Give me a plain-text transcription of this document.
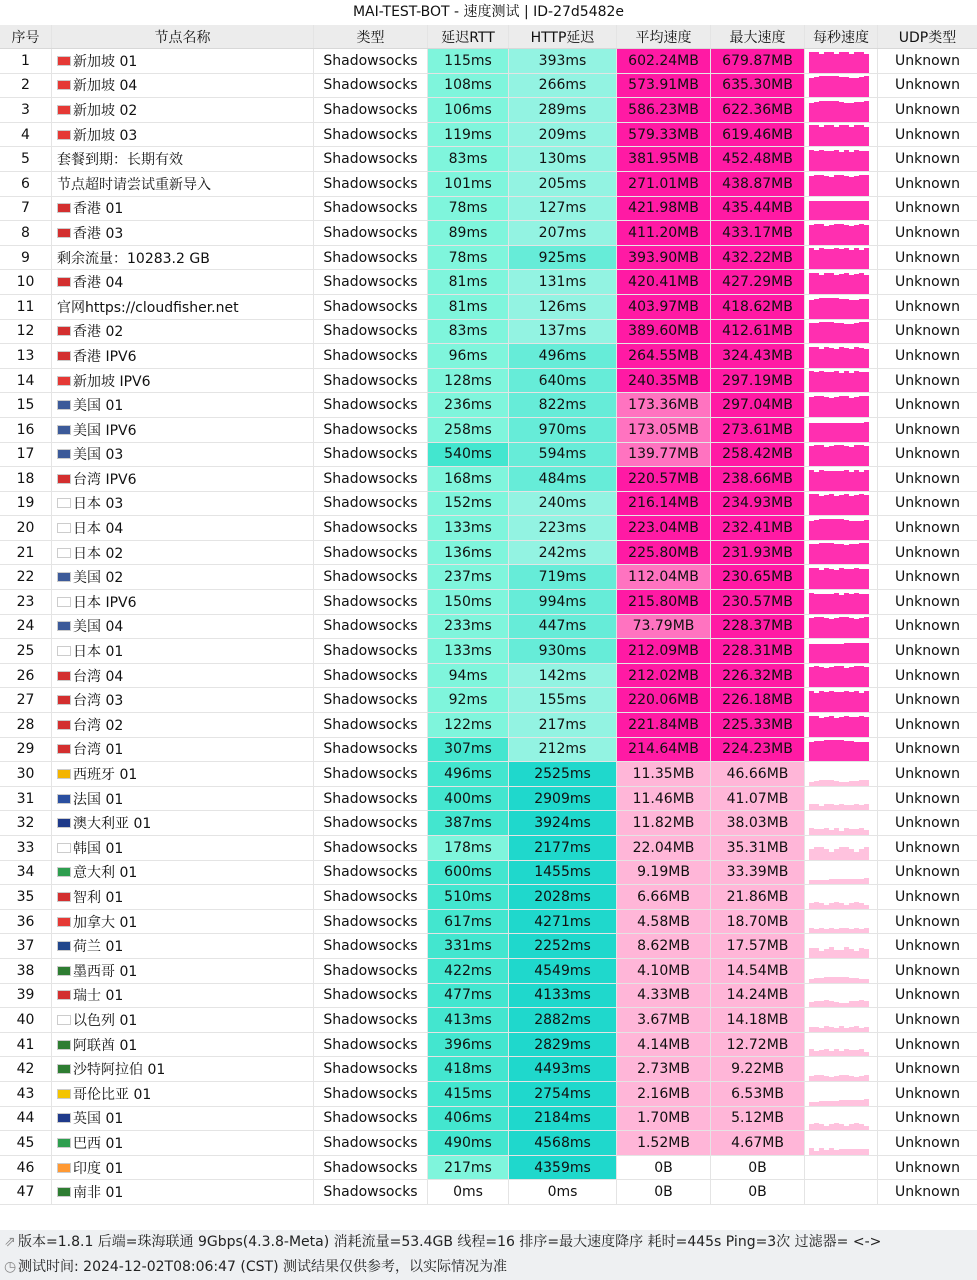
MAI-TEST-BOT - 速度测试 | ID-27d5482e
序号	节点名称	类型	延迟RTT	HTTP延迟	平均速度	最大速度	每秒速度	UDP类型
1	新加坡 01	Shadowsocks	115ms	393ms	602.24MB	679.87MB	Unknown
2	新加坡 04	Shadowsocks	108ms	266ms	573.91MB	635.30MB	Unknown
3	新加坡 02	Shadowsocks	106ms	289ms	586.23MB	622.36MB	Unknown
4	新加坡 03	Shadowsocks	119ms	209ms	579.33MB	619.46MB	Unknown
5	套餐到期：长期有效	Shadowsocks	83ms	130ms	381.95MB	452.48MB	Unknown
6	节点超时请尝试重新导入	Shadowsocks	101ms	205ms	271.01MB	438.87MB	Unknown
7	香港 01	Shadowsocks	78ms	127ms	421.98MB	435.44MB	Unknown
8	香港 03	Shadowsocks	89ms	207ms	411.20MB	433.17MB	Unknown
9	剩余流量：10283.2 GB	Shadowsocks	78ms	925ms	393.90MB	432.22MB	Unknown
10	香港 04	Shadowsocks	81ms	131ms	420.41MB	427.29MB	Unknown
11	官网https://cloudfisher.net	Shadowsocks	81ms	126ms	403.97MB	418.62MB	Unknown
12	香港 02	Shadowsocks	83ms	137ms	389.60MB	412.61MB	Unknown
13	香港 IPV6	Shadowsocks	96ms	496ms	264.55MB	324.43MB	Unknown
14	新加坡 IPV6	Shadowsocks	128ms	640ms	240.35MB	297.19MB	Unknown
15	美国 01	Shadowsocks	236ms	822ms	173.36MB	297.04MB	Unknown
16	美国 IPV6	Shadowsocks	258ms	970ms	173.05MB	273.61MB	Unknown
17	美国 03	Shadowsocks	540ms	594ms	139.77MB	258.42MB	Unknown
18	台湾 IPV6	Shadowsocks	168ms	484ms	220.57MB	238.66MB	Unknown
19	日本 03	Shadowsocks	152ms	240ms	216.14MB	234.93MB	Unknown
20	日本 04	Shadowsocks	133ms	223ms	223.04MB	232.41MB	Unknown
21	日本 02	Shadowsocks	136ms	242ms	225.80MB	231.93MB	Unknown
22	美国 02	Shadowsocks	237ms	719ms	112.04MB	230.65MB	Unknown
23	日本 IPV6	Shadowsocks	150ms	994ms	215.80MB	230.57MB	Unknown
24	美国 04	Shadowsocks	233ms	447ms	73.79MB	228.37MB	Unknown
25	日本 01	Shadowsocks	133ms	930ms	212.09MB	228.31MB	Unknown
26	台湾 04	Shadowsocks	94ms	142ms	212.02MB	226.32MB	Unknown
27	台湾 03	Shadowsocks	92ms	155ms	220.06MB	226.18MB	Unknown
28	台湾 02	Shadowsocks	122ms	217ms	221.84MB	225.33MB	Unknown
29	台湾 01	Shadowsocks	307ms	212ms	214.64MB	224.23MB	Unknown
30	西班牙 01	Shadowsocks	496ms	2525ms	11.35MB	46.66MB	Unknown
31	法国 01	Shadowsocks	400ms	2909ms	11.46MB	41.07MB	Unknown
32	澳大利亚 01	Shadowsocks	387ms	3924ms	11.82MB	38.03MB	Unknown
33	韩国 01	Shadowsocks	178ms	2177ms	22.04MB	35.31MB	Unknown
34	意大利 01	Shadowsocks	600ms	1455ms	9.19MB	33.39MB	Unknown
35	智利 01	Shadowsocks	510ms	2028ms	6.66MB	21.86MB	Unknown
36	加拿大 01	Shadowsocks	617ms	4271ms	4.58MB	18.70MB	Unknown
37	荷兰 01	Shadowsocks	331ms	2252ms	8.62MB	17.57MB	Unknown
38	墨西哥 01	Shadowsocks	422ms	4549ms	4.10MB	14.54MB	Unknown
39	瑞士 01	Shadowsocks	477ms	4133ms	4.33MB	14.24MB	Unknown
40	以色列 01	Shadowsocks	413ms	2882ms	3.67MB	14.18MB	Unknown
41	阿联酋 01	Shadowsocks	396ms	2829ms	4.14MB	12.72MB	Unknown
42	沙特阿拉伯 01	Shadowsocks	418ms	4493ms	2.73MB	9.22MB	Unknown
43	哥伦比亚 01	Shadowsocks	415ms	2754ms	2.16MB	6.53MB	Unknown
44	英国 01	Shadowsocks	406ms	2184ms	1.70MB	5.12MB	Unknown
45	巴西 01	Shadowsocks	490ms	4568ms	1.52MB	4.67MB	Unknown
46	印度 01	Shadowsocks	217ms	4359ms	0B	0B	Unknown
47	南非 01	Shadowsocks	0ms	0ms	0B	0B	Unknown
⇗ 版本=1.8.1 后端=珠海联通 9Gbps(4.3.8-Meta) 消耗流量=53.4GB 线程=16 排序=最大速度降序 耗时=445s Ping=3次 过滤器= <->
◷ 测试时间: 2024-12-02T08:06:47 (CST) 测试结果仅供参考，以实际情况为准
